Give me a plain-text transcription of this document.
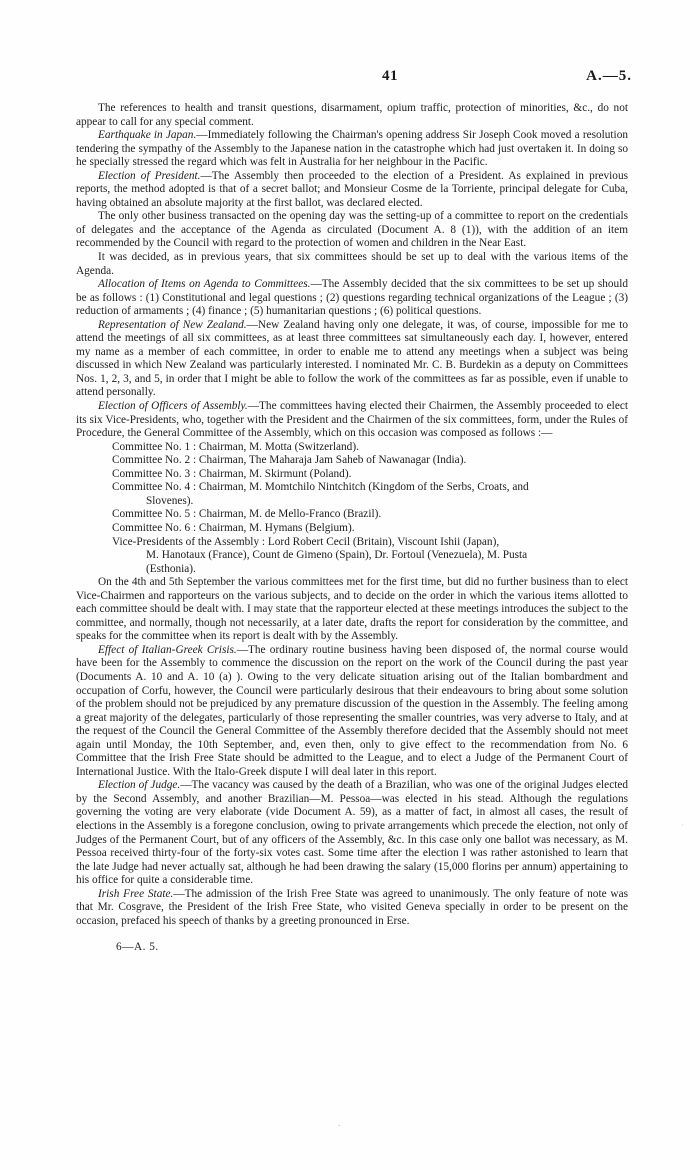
41	A.—5.

The references to health and transit questions, disarmament, opium traffic, protection of minorities, &c., do not appear to call for any special comment.

Earthquake in Japan.—Immediately following the Chairman's opening address Sir Joseph Cook moved a resolution tendering the sympathy of the Assembly to the Japanese nation in the catastrophe which had just overtaken it. In doing so he specially stressed the regard which was felt in Australia for her neighbour in the Pacific.

Election of President.—The Assembly then proceeded to the election of a President. As explained in previous reports, the method adopted is that of a secret ballot; and Monsieur Cosme de la Torriente, principal delegate for Cuba, having obtained an absolute majority at the first ballot, was declared elected.

The only other business transacted on the opening day was the setting-up of a committee to report on the credentials of delegates and the acceptance of the Agenda as circulated (Document A. 8 (1)), with the addition of an item recommended by the Council with regard to the protection of women and children in the Near East.

It was decided, as in previous years, that six committees should be set up to deal with the various items of the Agenda.

Allocation of Items on Agenda to Committees.—The Assembly decided that the six committees to be set up should be as follows : (1) Constitutional and legal questions ; (2) questions regarding technical organizations of the League ; (3) reduction of armaments ; (4) finance ; (5) humanitarian questions ; (6) political questions.

Representation of New Zealand.—New Zealand having only one delegate, it was, of course, impossible for me to attend the meetings of all six committees, as at least three committees sat simultaneously each day. I, however, entered my name as a member of each committee, in order to enable me to attend any meetings when a subject was being discussed in which New Zealand was particularly interested. I nominated Mr. C. B. Burdekin as a deputy on Committees Nos. 1, 2, 3, and 5, in order that I might be able to follow the work of the committees as far as possible, even if unable to attend personally.

Election of Officers of Assembly.—The committees having elected their Chairmen, the Assembly proceeded to elect its six Vice-Presidents, who, together with the President and the Chairmen of the six committees, form, under the Rules of Procedure, the General Committee of the Assembly, which on this occasion was composed as follows :—

Committee No. 1 : Chairman, M. Motta (Switzerland).
Committee No. 2 : Chairman, The Maharaja Jam Saheb of Nawanagar (India).
Committee No. 3 : Chairman, M. Skirmunt (Poland).
Committee No. 4 : Chairman, M. Momtchilo Nintchitch (Kingdom of the Serbs, Croats, and
Slovenes).
Committee No. 5 : Chairman, M. de Mello-Franco (Brazil).
Committee No. 6 : Chairman, M. Hymans (Belgium).
Vice-Presidents of the Assembly : Lord Robert Cecil (Britain), Viscount Ishii (Japan),
M. Hanotaux (France), Count de Gimeno (Spain), Dr. Fortoul (Venezuela), M. Pusta
(Esthonia).

On the 4th and 5th September the various committees met for the first time, but did no further business than to elect Vice-Chairmen and rapporteurs on the various subjects, and to decide on the order in which the various items allotted to each committee should be dealt with. I may state that the rapporteur elected at these meetings introduces the subject to the committee, and normally, though not necessarily, at a later date, drafts the report for consideration by the committee, and speaks for the committee when its report is dealt with by the Assembly.

Effect of Italian-Greek Crisis.—The ordinary routine business having been disposed of, the normal course would have been for the Assembly to commence the discussion on the report on the work of the Council during the past year (Documents A. 10 and A. 10 (a) ). Owing to the very delicate situation arising out of the Italian bombardment and occupation of Corfu, however, the Council were particularly desirous that their endeavours to bring about some solution of the problem should not be prejudiced by any premature discussion of the question in the Assembly. The feeling among a great majority of the delegates, particularly of those representing the smaller countries, was very adverse to Italy, and at the request of the Council the General Committee of the Assembly therefore decided that the Assembly should not meet again until Monday, the 10th September, and, even then, only to give effect to the recommendation from No. 6 Committee that the Irish Free State should be admitted to the League, and to elect a Judge of the Permanent Court of International Justice. With the Italo-Greek dispute I will deal later in this report.

Election of Judge.—The vacancy was caused by the death of a Brazilian, who was one of the original Judges elected by the Second Assembly, and another Brazilian—M. Pessoa—was elected in his stead. Although the regulations governing the voting are very elaborate (vide Document A. 59), as a matter of fact, in almost all cases, the result of elections in the Assembly is a foregone conclusion, owing to private arrangements which precede the election, not only of Judges of the Permanent Court, but of any officers of the Assembly, &c. In this case only one ballot was necessary, as M. Pessoa received thirty-four of the forty-six votes cast. Some time after the election I was rather astonished to learn that the late Judge had never actually sat, although he had been drawing the salary (15,000 florins per annum) appertaining to his office for quite a considerable time.

Irish Free State.—The admission of the Irish Free State was agreed to unanimously. The only feature of note was that Mr. Cosgrave, the President of the Irish Free State, who visited Geneva specially in order to be present on the occasion, prefaced his speech of thanks by a greeting pronounced in Erse.

6—A. 5.

·
·
